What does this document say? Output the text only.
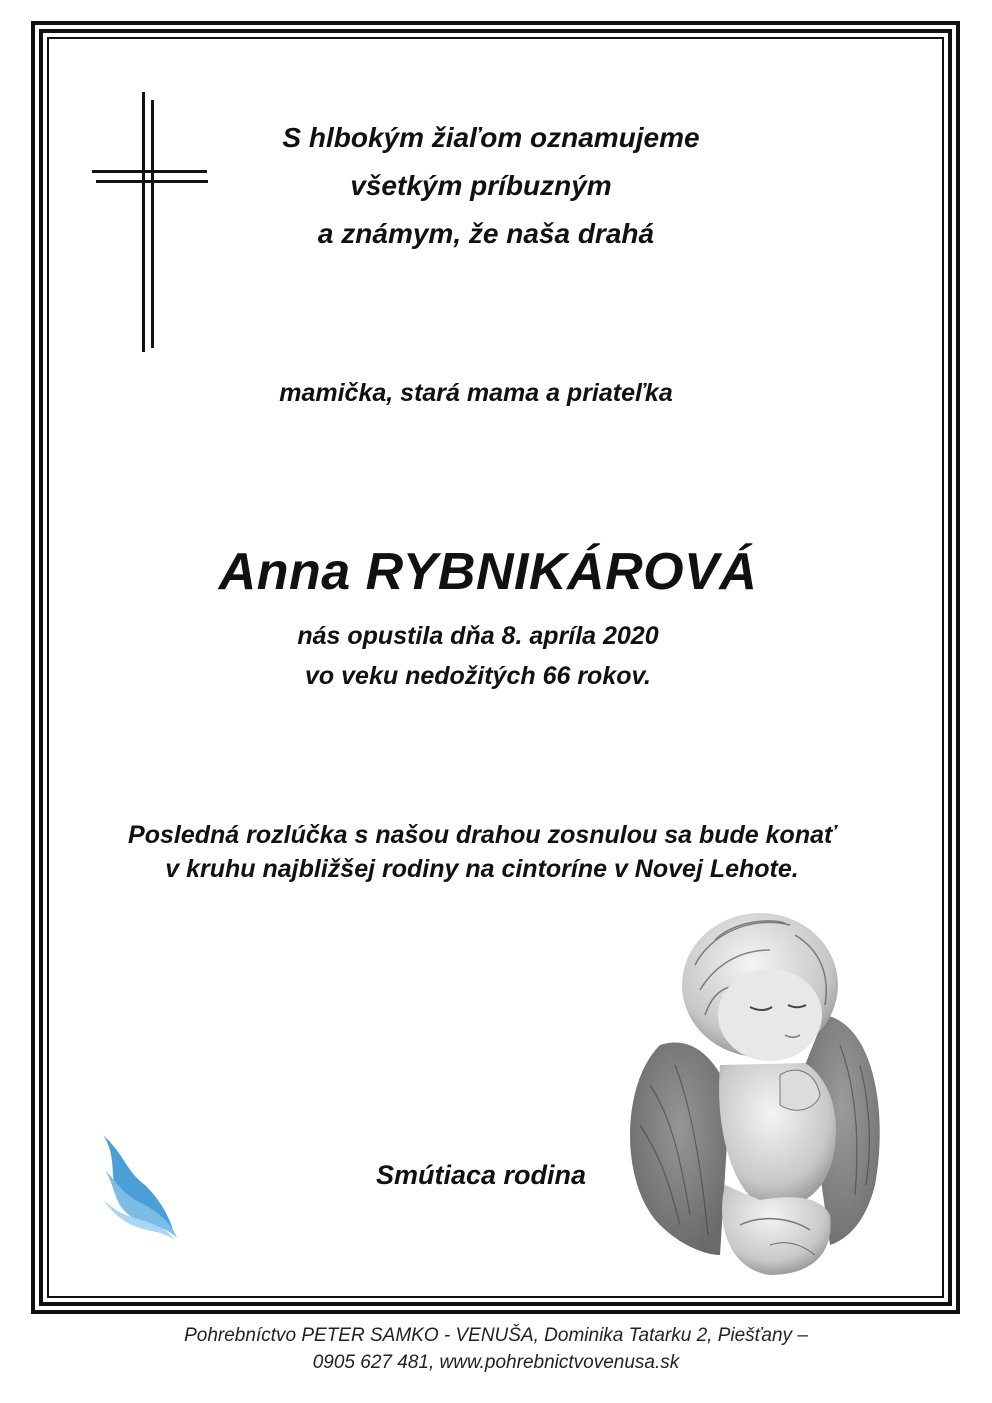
S hlbokým žiaľom oznamujeme
všetkým príbuzným
a známym, že naša drahá
mamička, stará mama a priateľka
Anna RYBNIKÁROVÁ
nás opustila dňa 8. apríla 2020
vo veku nedožitých 66 rokov.
Posledná rozlúčka s našou drahou zosnulou sa bude konať
v kruhu najbližšej rodiny na cintoríne v Novej Lehote.
Smútiaca rodina
Pohrebníctvo PETER SAMKO - VENUŠA, Dominika Tatarku 2, Piešťany –
0905 627 481, www.pohrebnictvovenusa.sk
